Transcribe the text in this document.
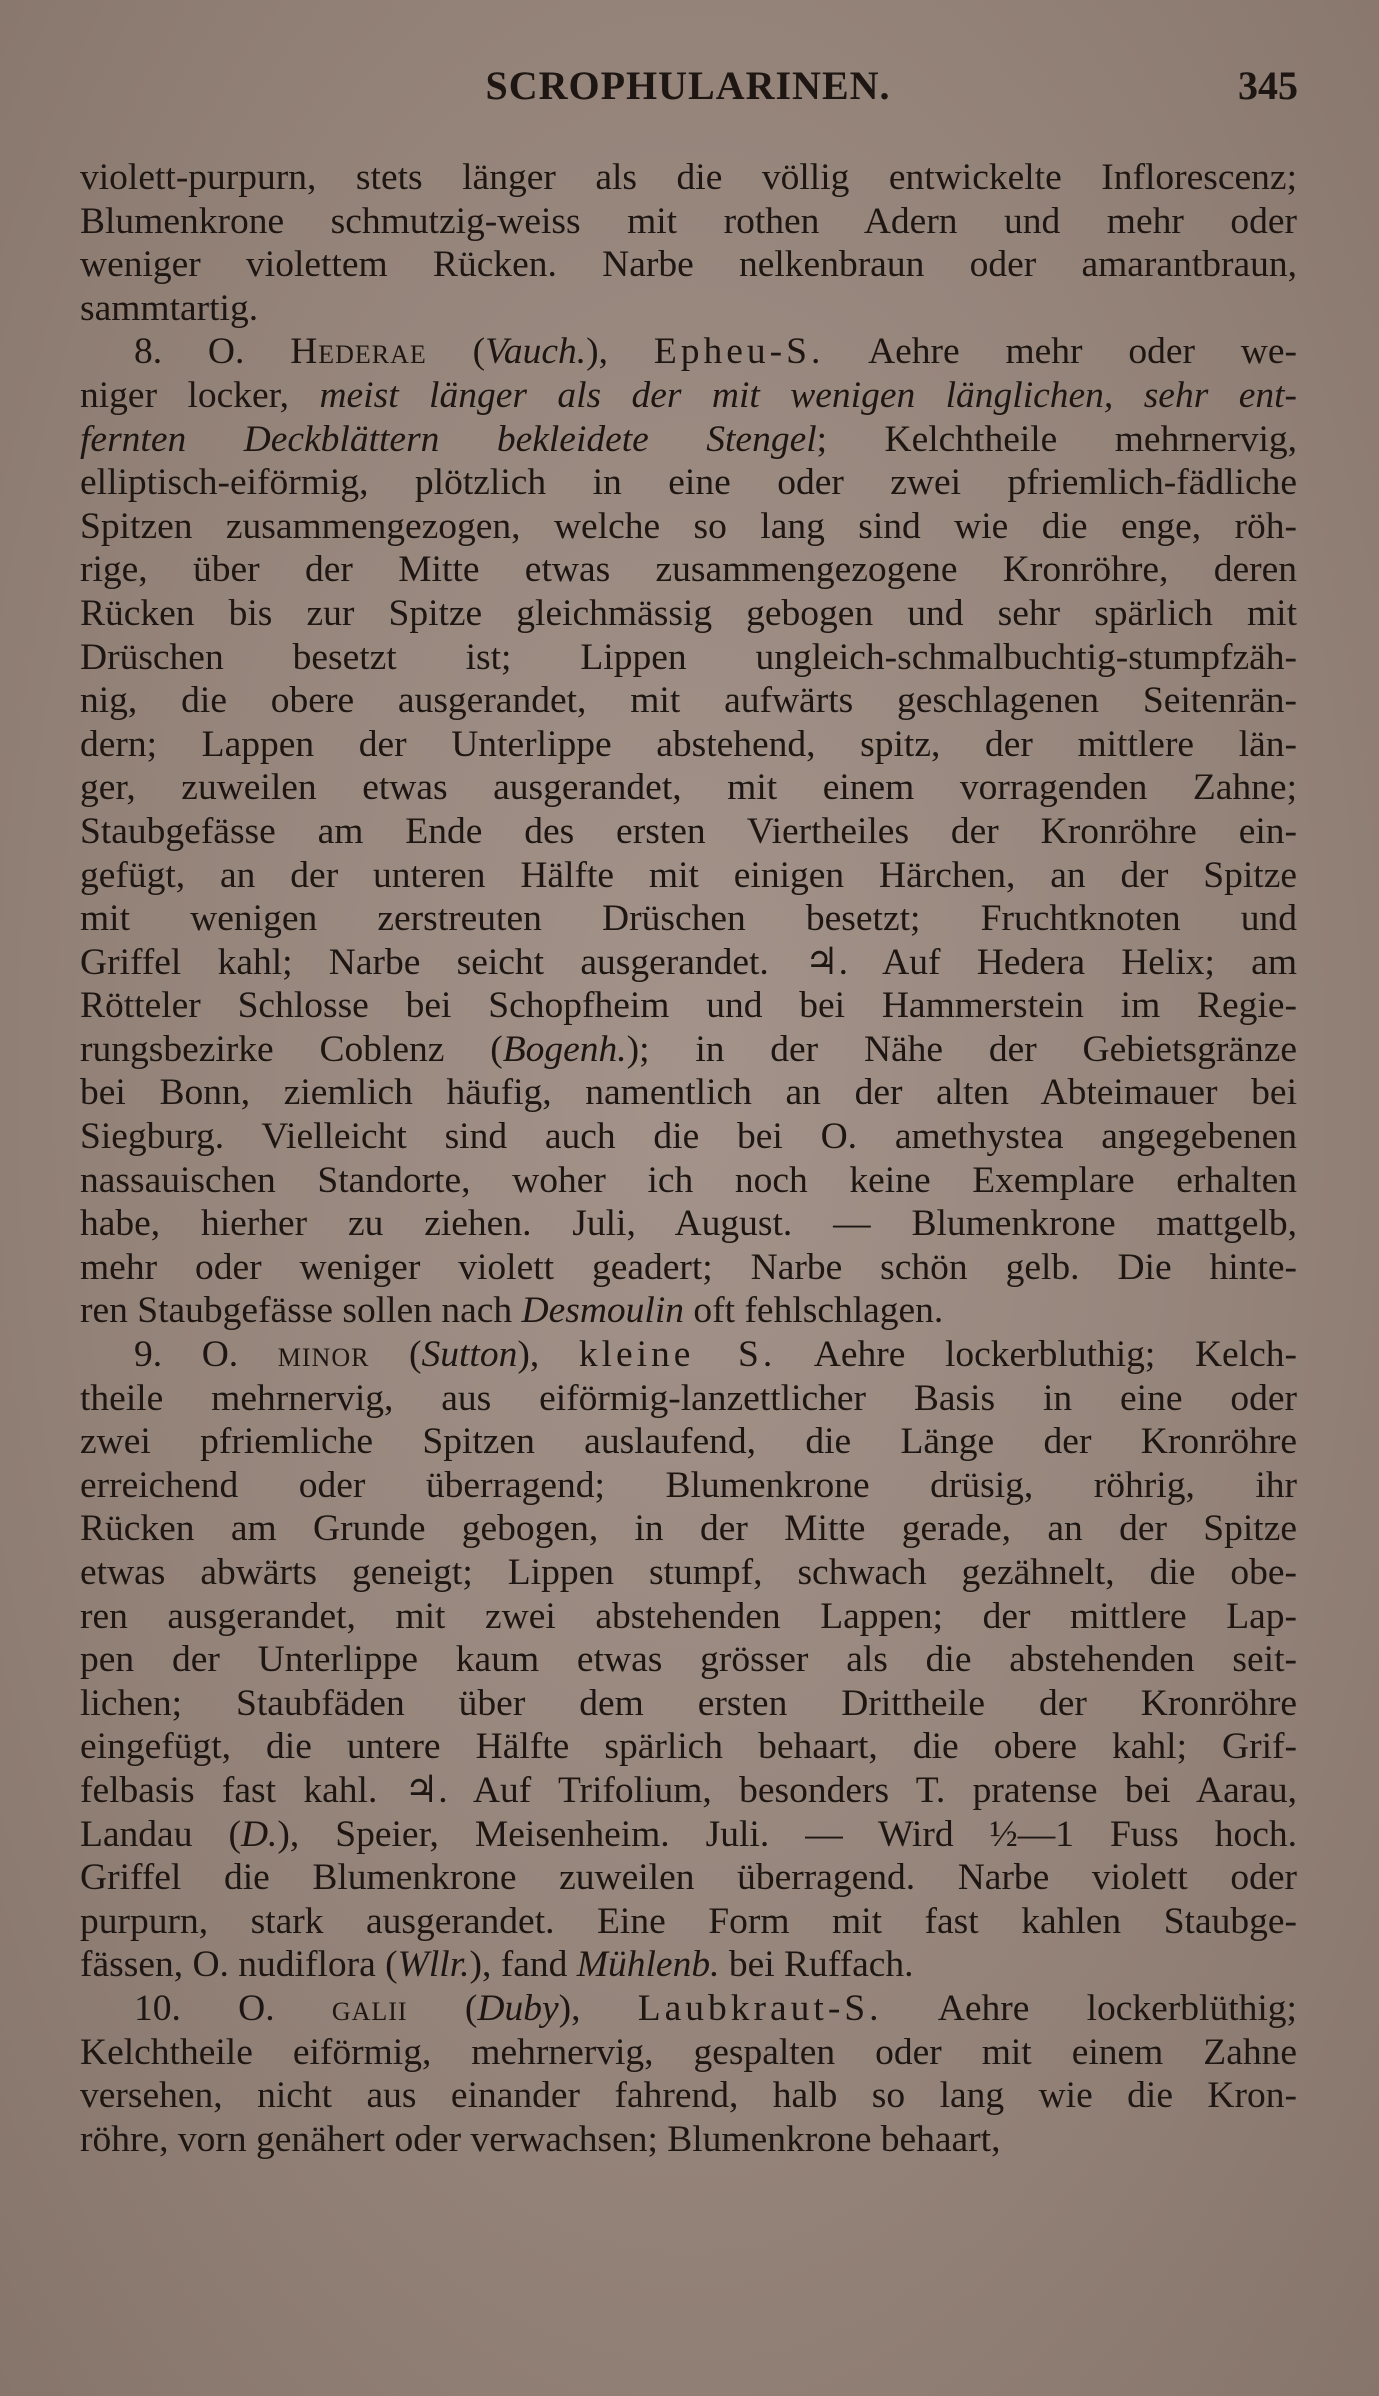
SCROPHULARINEN.	345
violett-purpurn, stets länger als die völlig entwickelte Inflorescenz;
Blumenkrone schmutzig-weiss mit rothen Adern und mehr oder
weniger violettem Rücken. Narbe nelkenbraun oder amarantbraun,
sammtartig.
8. O. Hederae (Vauch.), Epheu-S. Aehre mehr oder we-
niger locker, meist länger als der mit wenigen länglichen, sehr ent-
fernten Deckblättern bekleidete Stengel; Kelchtheile mehrnervig,
elliptisch-eiförmig, plötzlich in eine oder zwei pfriemlich-fädliche
Spitzen zusammengezogen, welche so lang sind wie die enge, röh-
rige, über der Mitte etwas zusammengezogene Kronröhre, deren
Rücken bis zur Spitze gleichmässig gebogen und sehr spärlich mit
Drüschen besetzt ist; Lippen ungleich-schmalbuchtig-stumpfzäh-
nig, die obere ausgerandet, mit aufwärts geschlagenen Seitenrän-
dern; Lappen der Unterlippe abstehend, spitz, der mittlere län-
ger, zuweilen etwas ausgerandet, mit einem vorragenden Zahne;
Staubgefässe am Ende des ersten Viertheiles der Kronröhre ein-
gefügt, an der unteren Hälfte mit einigen Härchen, an der Spitze
mit wenigen zerstreuten Drüschen besetzt; Fruchtknoten und
Griffel kahl; Narbe seicht ausgerandet. ♃. Auf Hedera Helix; am
Rötteler Schlosse bei Schopfheim und bei Hammerstein im Regie-
rungsbezirke Coblenz (Bogenh.); in der Nähe der Gebietsgränze
bei Bonn, ziemlich häufig, namentlich an der alten Abteimauer bei
Siegburg. Vielleicht sind auch die bei O. amethystea angegebenen
nassauischen Standorte, woher ich noch keine Exemplare erhalten
habe, hierher zu ziehen. Juli, August. — Blumenkrone mattgelb,
mehr oder weniger violett geadert; Narbe schön gelb. Die hinte-
ren Staubgefässe sollen nach Desmoulin oft fehlschlagen.
9. O. minor (Sutton), kleine S. Aehre lockerbluthig; Kelch-
theile mehrnervig, aus eiförmig-lanzettlicher Basis in eine oder
zwei pfriemliche Spitzen auslaufend, die Länge der Kronröhre
erreichend oder überragend; Blumenkrone drüsig, röhrig, ihr
Rücken am Grunde gebogen, in der Mitte gerade, an der Spitze
etwas abwärts geneigt; Lippen stumpf, schwach gezähnelt, die obe-
ren ausgerandet, mit zwei abstehenden Lappen; der mittlere Lap-
pen der Unterlippe kaum etwas grösser als die abstehenden seit-
lichen; Staubfäden über dem ersten Drittheile der Kronröhre
eingefügt, die untere Hälfte spärlich behaart, die obere kahl; Grif-
felbasis fast kahl. ♃. Auf Trifolium, besonders T. pratense bei Aarau,
Landau (D.), Speier, Meisenheim. Juli. — Wird ½—1 Fuss hoch.
Griffel die Blumenkrone zuweilen überragend. Narbe violett oder
purpurn, stark ausgerandet. Eine Form mit fast kahlen Staubge-
fässen, O. nudiflora (Wllr.), fand Mühlenb. bei Ruffach.
10. O. galii (Duby), Laubkraut-S. Aehre lockerblüthig;
Kelchtheile eiförmig, mehrnervig, gespalten oder mit einem Zahne
versehen, nicht aus einander fahrend, halb so lang wie die Kron-
röhre, vorn genähert oder verwachsen; Blumenkrone behaart,
